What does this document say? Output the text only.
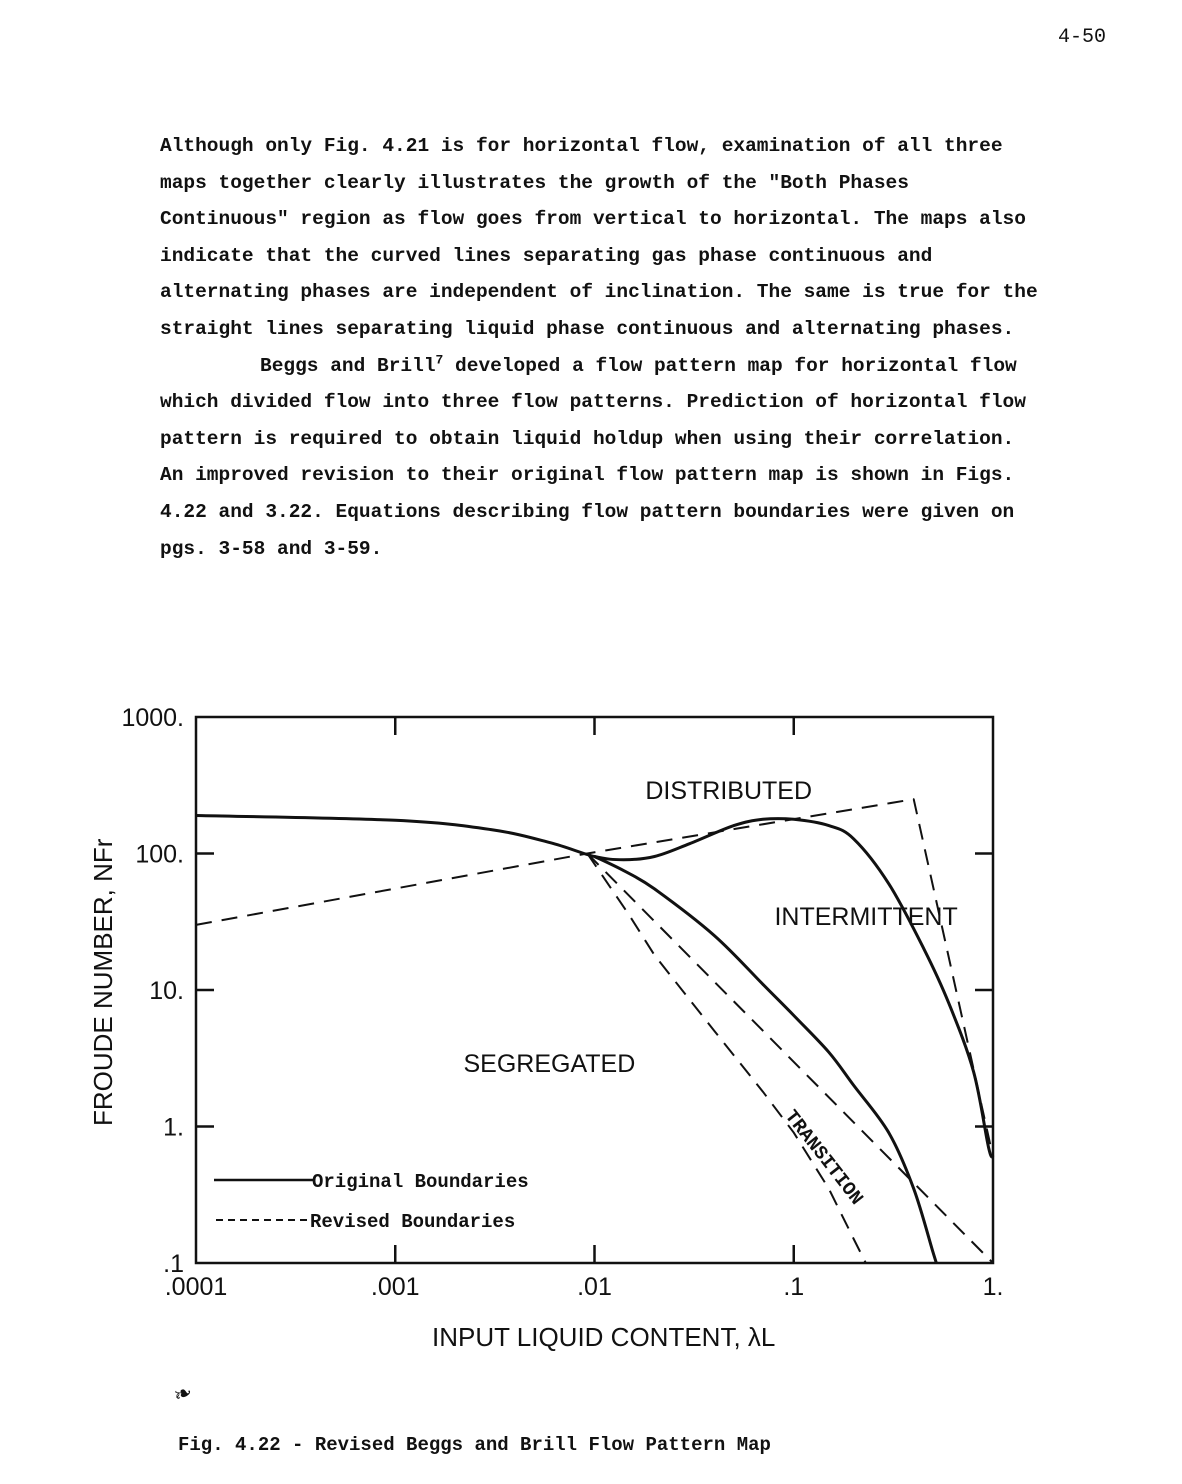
4-50

Although only Fig. 4.21 is for horizontal flow, examination of all three maps together clearly illustrates the growth of the "Both Phases Continuous" region as flow goes from vertical to horizontal. The maps also indicate that the curved lines separating gas phase continuous and alternating phases are independent of inclination. The same is true for the straight lines separating liquid phase continuous and alternating phases.

Beggs and Brill$^7$ developed a flow pattern map for horizontal flow which divided flow into three flow patterns. Prediction of horizontal flow pattern is required to obtain liquid holdup when using their correlation. An improved revision to their original flow pattern map is shown in Figs. 4.22 and 3.22. Equations describing flow pattern boundaries were given on pgs. 3-58 and 3-59.

.0001	.001	.01	.1	1.
.1
1.
10.
100.
1000.
DISTRIBUTED
INTERMITTENT
SEGREGATED
TRANSITION
Original Boundaries
Revised Boundaries
INPUT LIQUID CONTENT, λL
FROUDE NUMBER, NFr
❧
Fig. 4.22 - Revised Beggs and Brill Flow Pattern Map
